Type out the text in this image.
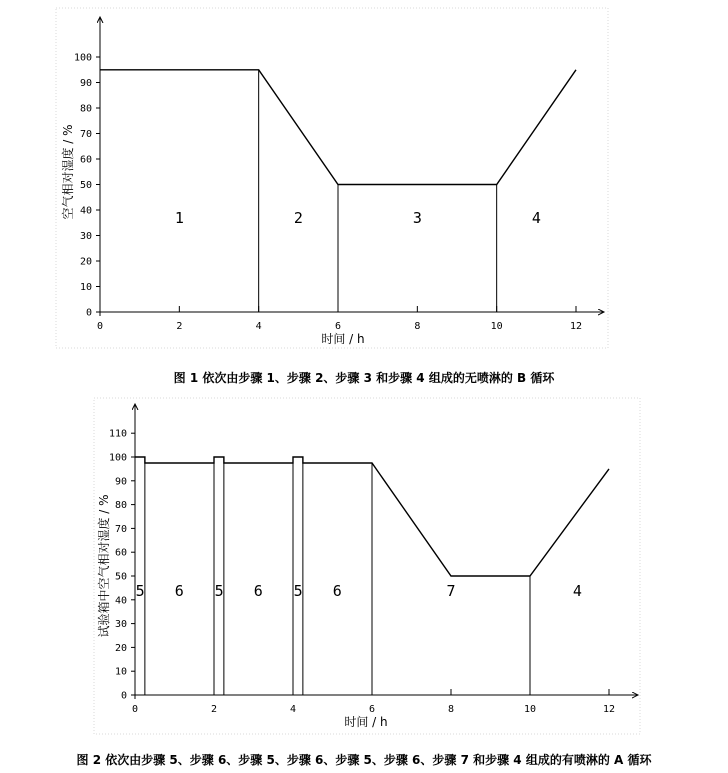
0
10
20
30
40
50
60
70
80
90
100
0	2	4	6	8	10	12
1	2	3	4
空气相对湿度 / %
时间 / h
图 1 依次由步骤 1、步骤 2、步骤 3 和步骤 4 组成的无喷淋的 B 循环
0
10
20
30
40
50
60
70
80
90
100
110
0	2	4	6	8	10	12
5 6 5 6 5 6	7	4
试验箱中空气相对湿度 / %
时间 / h
图 2 依次由步骤 5、步骤 6、步骤 5、步骤 6、步骤 5、步骤 6、步骤 7 和步骤 4 组成的有喷淋的 A 循环
